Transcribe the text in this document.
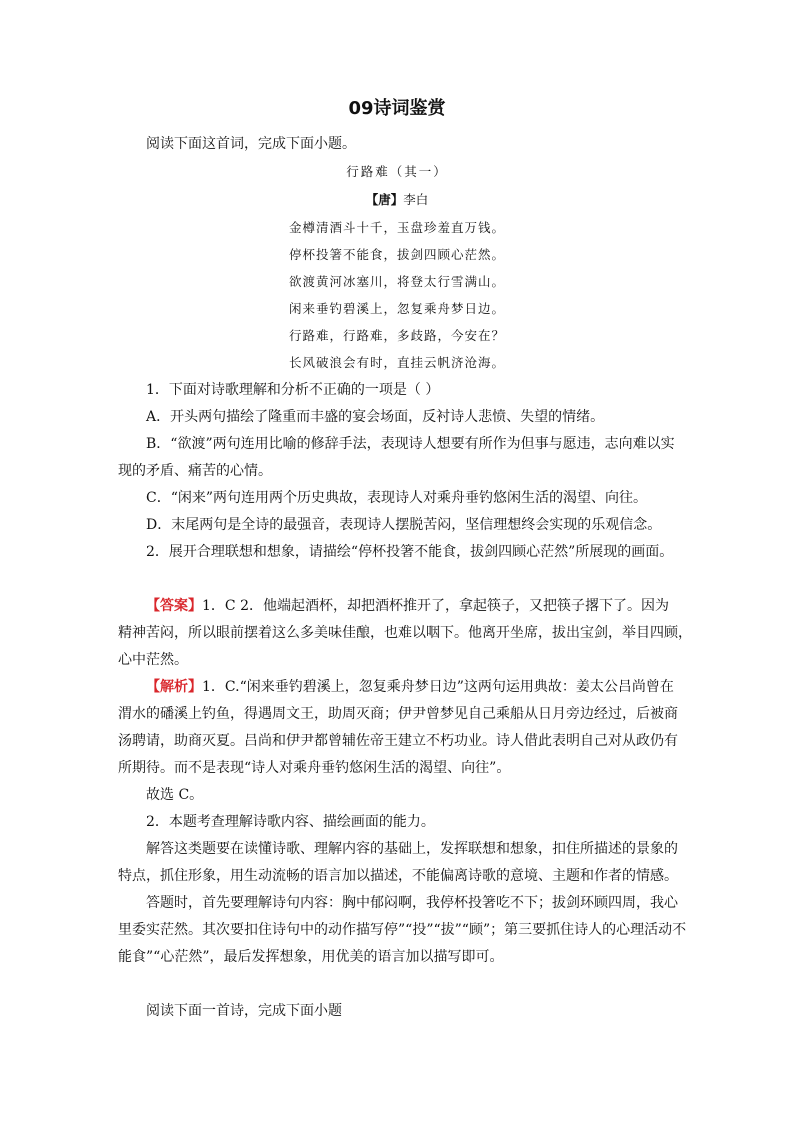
09诗词鉴赏
阅读下面这首词，完成下面小题。
行路难（其一）
【唐】李白
金樽清酒斗十千，玉盘珍羞直万钱。
停杯投箸不能食，拔剑四顾心茫然。
欲渡黄河冰塞川，将登太行雪满山。
闲来垂钓碧溪上，忽复乘舟梦日边。
行路难，行路难，多歧路，今安在？
长风破浪会有时，直挂云帆济沧海。
1．下面对诗歌理解和分析不正确的一项是（ ）
A．开头两句描绘了隆重而丰盛的宴会场面，反衬诗人悲愤、失望的情绪。
B．“欲渡”两句连用比喻的修辞手法，表现诗人想要有所作为但事与愿违，志向难以实
现的矛盾、痛苦的心情。
C．“闲来”两句连用两个历史典故，表现诗人对乘舟垂钓悠闲生活的渴望、向往。
D．末尾两句是全诗的最强音，表现诗人摆脱苦闷，坚信理想终会实现的乐观信念。
2．展开合理联想和想象，请描绘“停杯投箸不能食，拔剑四顾心茫然”所展现的画面。
【答案】1．C 2．他端起酒杯，却把酒杯推开了，拿起筷子，又把筷子撂下了。因为
精神苦闷，所以眼前摆着这么多美味佳酿，也难以咽下。他离开坐席，拔出宝剑，举目四顾，
心中茫然。
【解析】1．C.“闲来垂钓碧溪上，忽复乘舟梦日边”这两句运用典故：姜太公吕尚曾在
渭水的磻溪上钓鱼，得遇周文王，助周灭商；伊尹曾梦见自己乘船从日月旁边经过，后被商
汤聘请，助商灭夏。吕尚和伊尹都曾辅佐帝王建立不朽功业。诗人借此表明自己对从政仍有
所期待。而不是表现“诗人对乘舟垂钓悠闲生活的渴望、向往”。
故选 C。
2．本题考查理解诗歌内容、描绘画面的能力。
解答这类题要在读懂诗歌、理解内容的基础上，发挥联想和想象，扣住所描述的景象的
特点，抓住形象，用生动流畅的语言加以描述，不能偏离诗歌的意境、主题和作者的情感。
答题时，首先要理解诗句内容：胸中郁闷啊，我停杯投箸吃不下；拔剑环顾四周，我心
里委实茫然。其次要扣住诗句中的动作描写停”“投”“拔”“顾”；第三要抓住诗人的心理活动不
能食”“心茫然”，最后发挥想象，用优美的语言加以描写即可。
阅读下面一首诗，完成下面小题
